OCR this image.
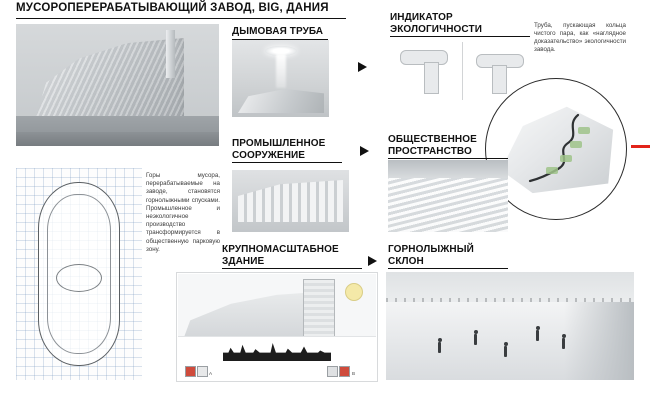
МУСОРОПЕРЕРАБАТЫВАЮЩИЙ ЗАВОД, BIG, ДАНИЯ
ДЫМОВАЯ ТРУБА
ИНДИКАТОР
ЭКОЛОГИЧНОСТИ	Труба, пускающая кольца чистого пара, как «наглядное доказательство» экологичности завода.
ПРОМЫШЛЕННОЕ
СООРУЖЕНИЕ
ОБЩЕСТВЕННОЕ
ПРОСТРАНСТВО
Горы мусора, перерабатываемые на заводе, становятся горнолыжными спусками. Промышленное и неэкологичное производство трансформируется в общественную парковую зону.	КРУПНОМАСШТАБНОЕ
ЗДАНИЕ
A	B
ГОРНОЛЫЖНЫЙ
СКЛОН
